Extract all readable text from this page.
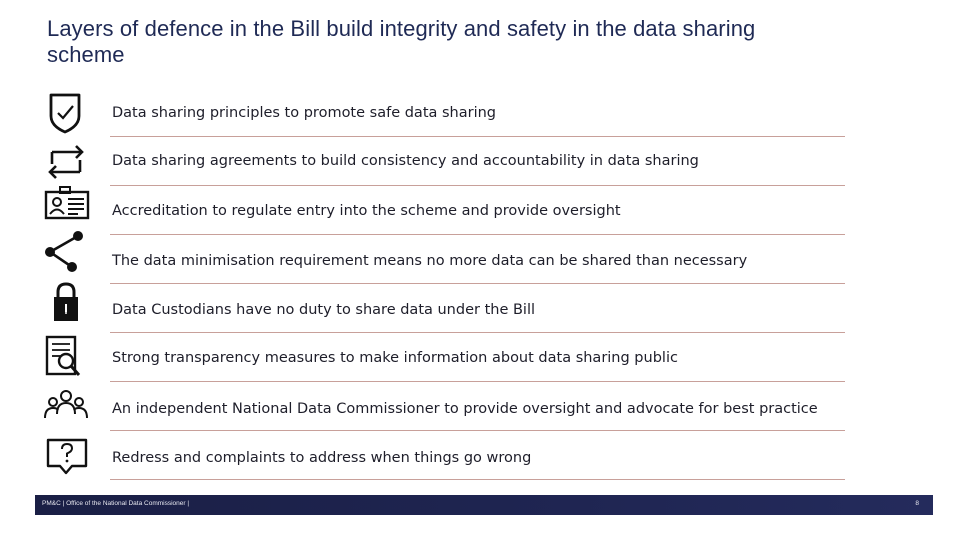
Layers of defence in the Bill build integrity and safety in the data sharing scheme
Data sharing principles to promote safe data sharing
Data sharing agreements to build consistency and accountability in data sharing
Accreditation to regulate entry into the scheme and provide oversight
The data minimisation requirement means no more data can be shared than necessary
Data Custodians have no duty to share data under the Bill
Strong transparency measures to make information about data sharing public
An independent National Data Commissioner to provide oversight and advocate for best practice
Redress and complaints to address when things go wrong
PM&C | Office of the National Data Commissioner |	8
